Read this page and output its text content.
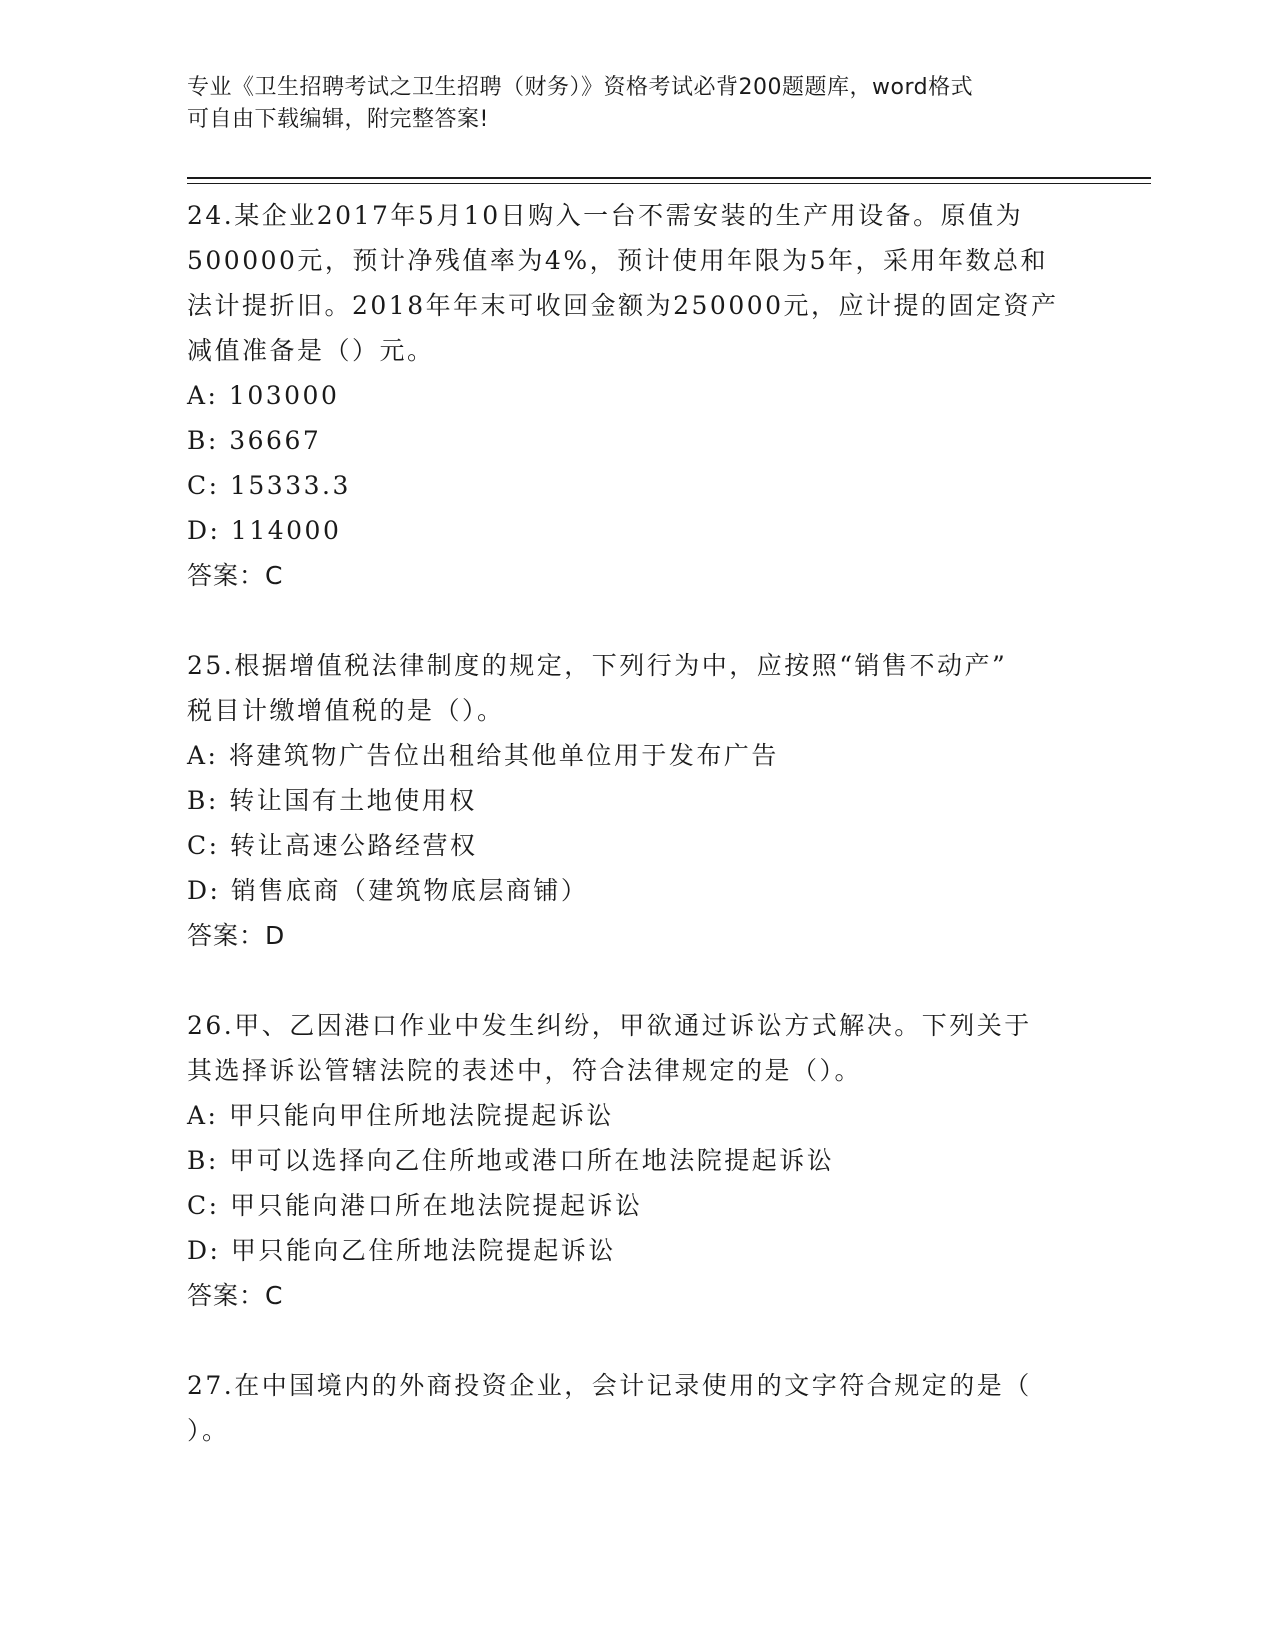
专业《卫生招聘考试之卫生招聘（财务）》资格考试必背200题题库，word格式
可自由下载编辑，附完整答案!
24.某企业2017年5月10日购入一台不需安装的生产用设备。原值为
500000元，预计净残值率为4%，预计使用年限为5年，采用年数总和
法计提折旧。2018年年末可收回金额为250000元，应计提的固定资产
减值准备是（）元。
A: 103000
B: 36667
C: 15333.3
D: 114000
答案：C
25.根据增值税法律制度的规定，下列行为中，应按照“销售不动产”
税目计缴增值税的是（）。
A: 将建筑物广告位出租给其他单位用于发布广告
B: 转让国有土地使用权
C: 转让高速公路经营权
D: 销售底商（建筑物底层商铺）
答案：D
26.甲、乙因港口作业中发生纠纷，甲欲通过诉讼方式解决。下列关于
其选择诉讼管辖法院的表述中，符合法律规定的是（）。
A: 甲只能向甲住所地法院提起诉讼
B: 甲可以选择向乙住所地或港口所在地法院提起诉讼
C: 甲只能向港口所在地法院提起诉讼
D: 甲只能向乙住所地法院提起诉讼
答案：C
27.在中国境内的外商投资企业，会计记录使用的文字符合规定的是（
）。
